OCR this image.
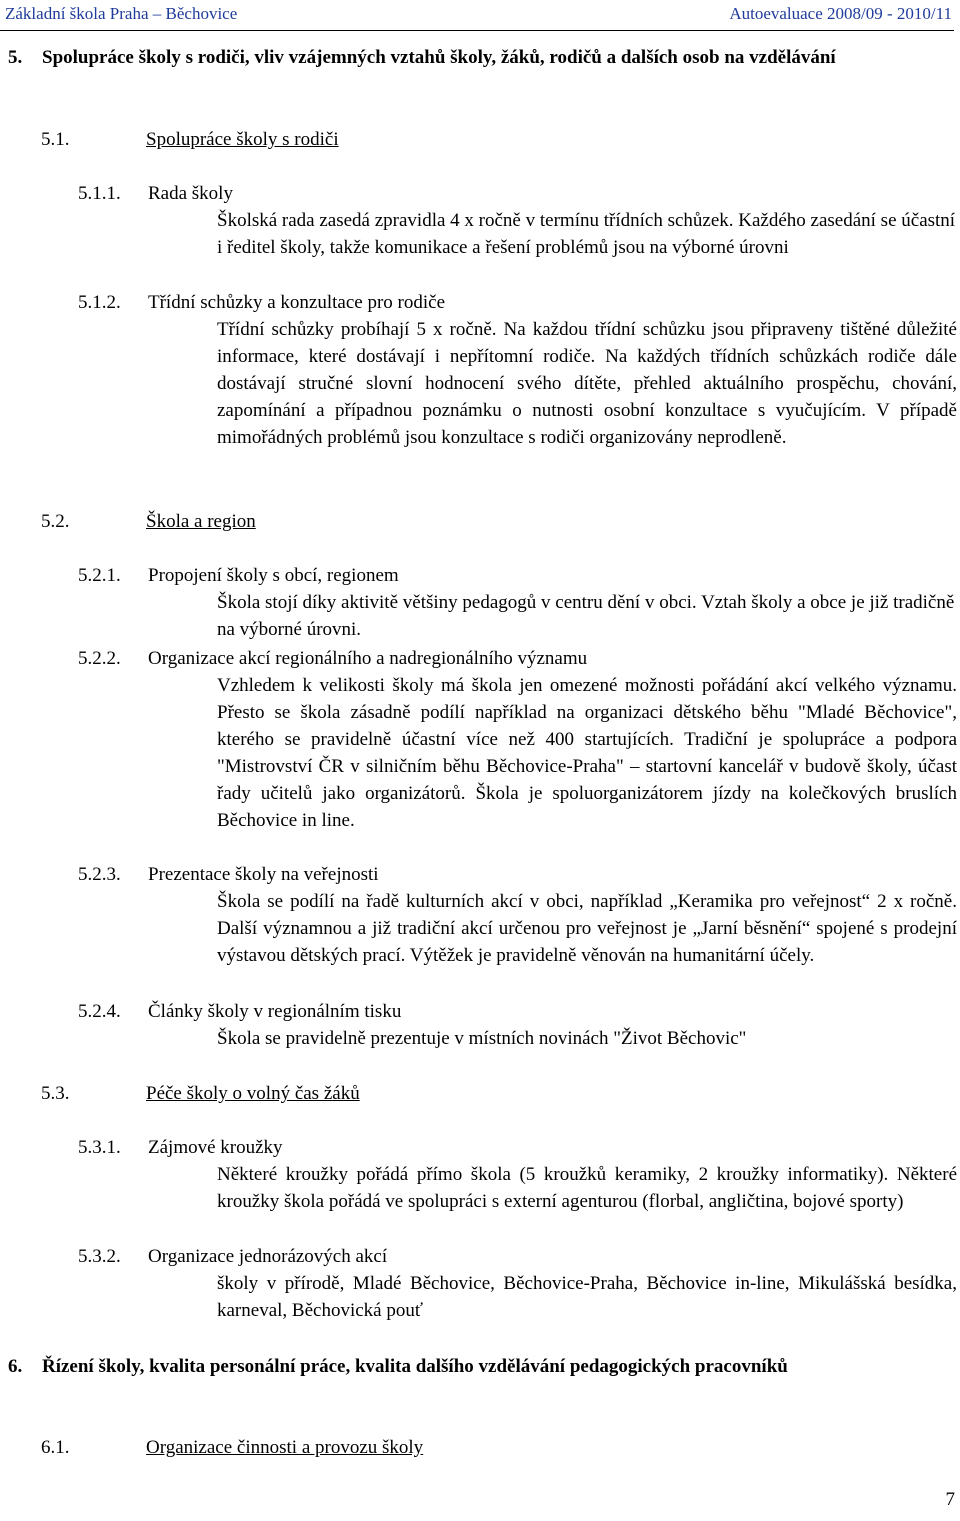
Základní škola Praha – Běchovice	Autoevaluace 2008/09 - 2010/11
5.	Spolupráce školy s rodiči, vliv vzájemných vztahů školy, žáků, rodičů a dalších osob na vzdělávání
5.1.	Spolupráce školy s rodiči
5.1.1. Rada školy

Školská rada zasedá zpravidla 4 x ročně v termínu třídních schůzek. Každého zasedání se účastní i ředitel školy, takže komunikace a řešení problémů jsou na výborné úrovni

5.1.2. Třídní schůzky a konzultace pro rodiče

Třídní schůzky probíhají 5 x ročně. Na každou třídní schůzku jsou připraveny tištěné důležité informace, které dostávají i nepřítomní rodiče. Na každých třídních schůzkách rodiče dále dostávají stručné slovní hodnocení svého dítěte, přehled aktuálního prospěchu, chování, zapomínání a případnou poznámku o nutnosti osobní konzultace s vyučujícím. V případě mimořádných problémů jsou konzultace s rodiči organizovány neprodleně.

5.2.	Škola a region
5.2.1. Propojení školy s obcí, regionem

Škola stojí díky aktivitě většiny pedagogů v centru dění v obci. Vztah školy a obce je již tradičně na výborné úrovni.

5.2.2. Organizace akcí regionálního a nadregionálního významu

Vzhledem k velikosti školy má škola jen omezené možnosti pořádání akcí velkého významu. Přesto se škola zásadně podílí například na organizaci dětského běhu "Mladé Běchovice", kterého se pravidelně účastní více než 400 startujících. Tradiční je spolupráce a podpora "Mistrovství ČR v silničním běhu Běchovice-Praha" – startovní kancelář v budově školy, účast řady učitelů jako organizátorů. Škola je spoluorganizátorem jízdy na kolečkových bruslích Běchovice in line.

5.2.3. Prezentace školy na veřejnosti

Škola se podílí na řadě kulturních akcí v obci, například „Keramika pro veřejnost“ 2 x ročně. Další významnou a již tradiční akcí určenou pro veřejnost je „Jarní běsnění“ spojené s prodejní výstavou dětských prací. Výtěžek je pravidelně věnován na humanitární účely.

5.2.4. Články školy v regionálním tisku

Škola se pravidelně prezentuje v místních novinách "Život Běchovic"

5.3.	Péče školy o volný čas žáků
5.3.1. Zájmové kroužky

Některé kroužky pořádá přímo škola (5 kroužků keramiky, 2 kroužky informatiky). Některé kroužky škola pořádá ve spolupráci s externí agenturou (florbal, angličtina, bojové sporty)

5.3.2. Organizace jednorázových akcí

školy v přírodě, Mladé Běchovice, Běchovice-Praha, Běchovice in-line, Mikulášská besídka, karneval, Běchovická pouť

6.	Řízení školy, kvalita personální práce, kvalita dalšího vzdělávání pedagogických pracovníků
6.1.	Organizace činnosti a provozu školy
7
